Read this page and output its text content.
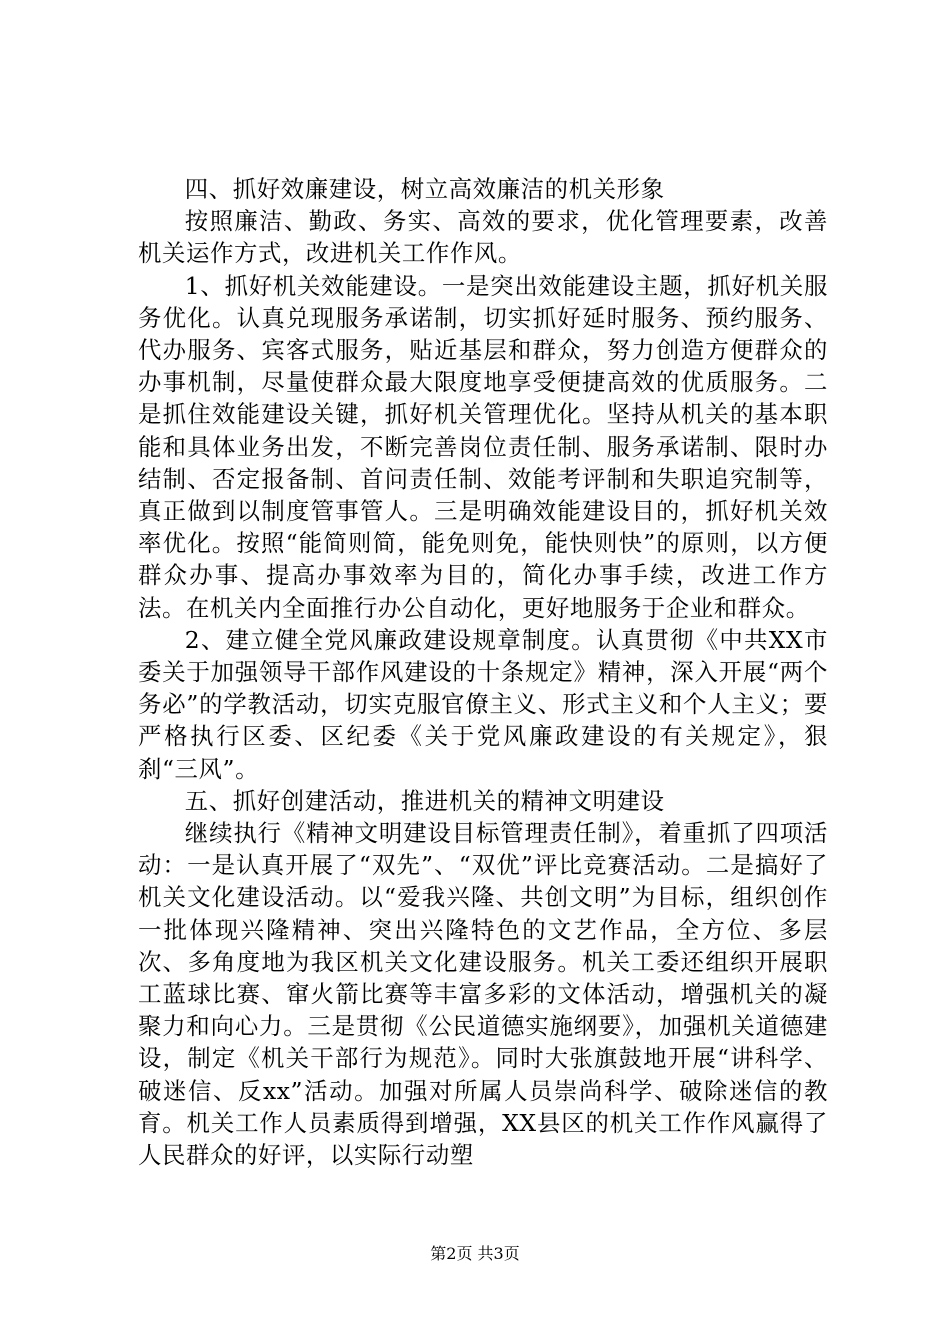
四、抓好效廉建设，树立高效廉洁的机关形象

按照廉洁、勤政、务实、高效的要求，优化管理要素，改善机关运作方式，改进机关工作作风。

1、抓好机关效能建设。一是突出效能建设主题，抓好机关服务优化。认真兑现服务承诺制，切实抓好延时服务、预约服务、代办服务、宾客式服务，贴近基层和群众，努力创造方便群众的办事机制，尽量使群众最大限度地享受便捷高效的优质服务。二是抓住效能建设关键，抓好机关管理优化。坚持从机关的基本职能和具体业务出发，不断完善岗位责任制、服务承诺制、限时办结制、否定报备制、首问责任制、效能考评制和失职追究制等，真正做到以制度管事管人。三是明确效能建设目的，抓好机关效率优化。按照“能简则简，能免则免，能快则快”的原则，以方便群众办事、提高办事效率为目的，简化办事手续，改进工作方法。在机关内全面推行办公自动化，更好地服务于企业和群众。

2、建立健全党风廉政建设规章制度。认真贯彻《中共XX市委关于加强领导干部作风建设的十条规定》精神，深入开展“两个务必”的学教活动，切实克服官僚主义、形式主义和个人主义；要严格执行区委、区纪委《关于党风廉政建设的有关规定》，狠刹“三风”。

五、抓好创建活动，推进机关的精神文明建设

继续执行《精神文明建设目标管理责任制》，着重抓了四项活动：一是认真开展了“双先”、“双优”评比竞赛活动。二是搞好了机关文化建设活动。以“爱我兴隆、共创文明”为目标，组织创作一批体现兴隆精神、突出兴隆特色的文艺作品，全方位、多层次、多角度地为我区机关文化建设服务。机关工委还组织开展职工蓝球比赛、窜火箭比赛等丰富多彩的文体活动，增强机关的凝聚力和向心力。三是贯彻《公民道德实施纲要》，加强机关道德建设，制定《机关干部行为规范》。同时大张旗鼓地开展“讲科学、破迷信、反xx”活动。加强对所属人员崇尚科学、破除迷信的教育。机关工作人员素质得到增强，XX县区的机关工作作风赢得了人民群众的好评，以实际行动塑

第2页 共3页
